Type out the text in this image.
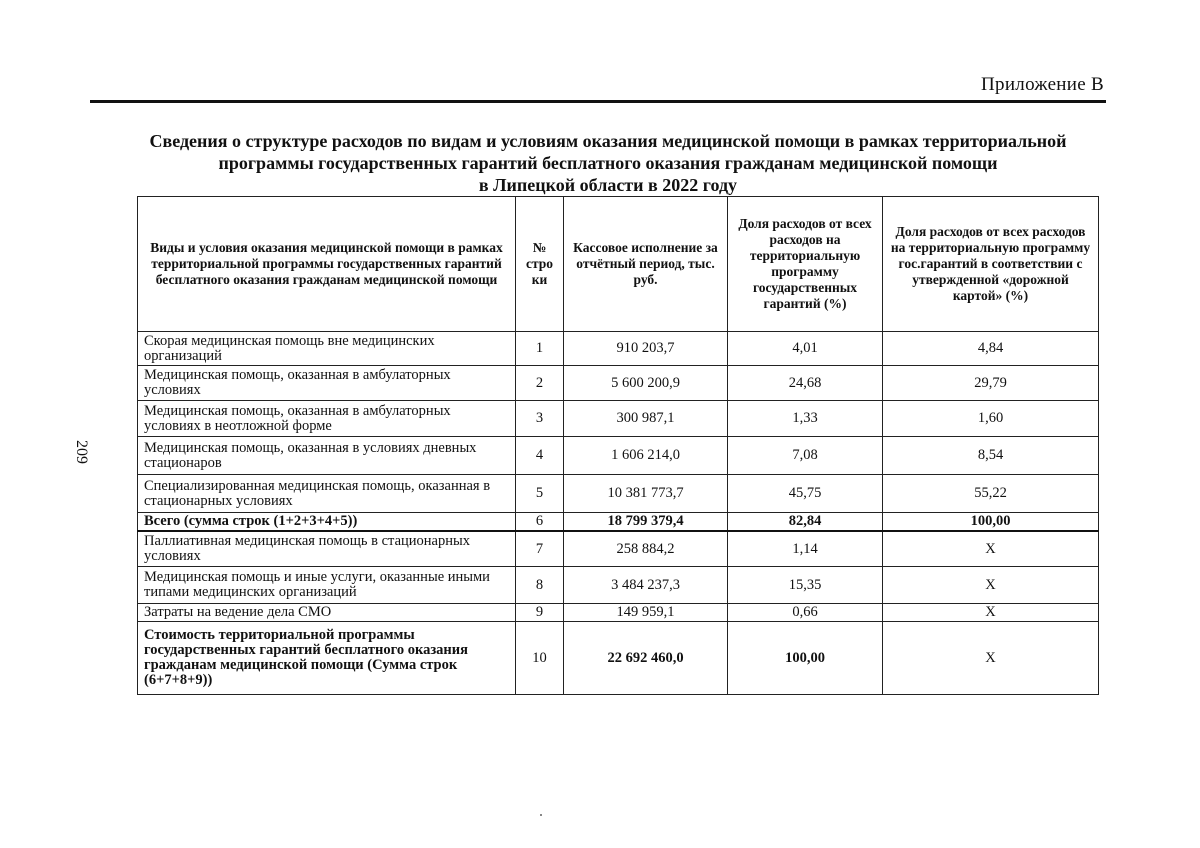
Приложение В
Сведения о структуре расходов по видам и условиям оказания медицинской помощи в рамках территориальной
программы государственных гарантий бесплатного оказания гражданам медицинской помощи
в Липецкой области в 2022 году
209
Виды и условия оказания медицинской помощи в рамках территориальной программы государственных гарантий бесплатного оказания гражданам медицинской помощи	№ стро ки	Кассовое исполнение за отчётный период, тыс. руб.	Доля расходов от всех расходов на территориальную программу государственных гарантий (%)	Доля расходов от всех расходов на территориальную программу гос.гарантий в соответствии с утвержденной «дорожной картой» (%)
Скорая медицинская помощь вне медицинских организаций	1	910 203,7	4,01	4,84
Медицинская помощь, оказанная в амбулаторных условиях	2	5 600 200,9	24,68	29,79
Медицинская помощь, оказанная в амбулаторных условиях в неотложной форме	3	300 987,1	1,33	1,60
Медицинская помощь, оказанная в условиях дневных стационаров	4	1 606 214,0	7,08	8,54
Специализированная медицинская помощь, оказанная в стационарных условиях	5	10 381 773,7	45,75	55,22
Всего (сумма строк (1+2+3+4+5))	6	18 799 379,4	82,84	100,00
Паллиативная медицинская помощь в стационарных условиях	7	258 884,2	1,14	X
Медицинская помощь и иные услуги, оказанные иными типами медицинских организаций	8	3 484 237,3	15,35	X
Затраты на ведение дела СМО	9	149 959,1	0,66	X
Стоимость территориальной программы государственных гарантий бесплатного оказания гражданам медицинской помощи (Сумма строк (6+7+8+9))	10	22 692 460,0	100,00	X
